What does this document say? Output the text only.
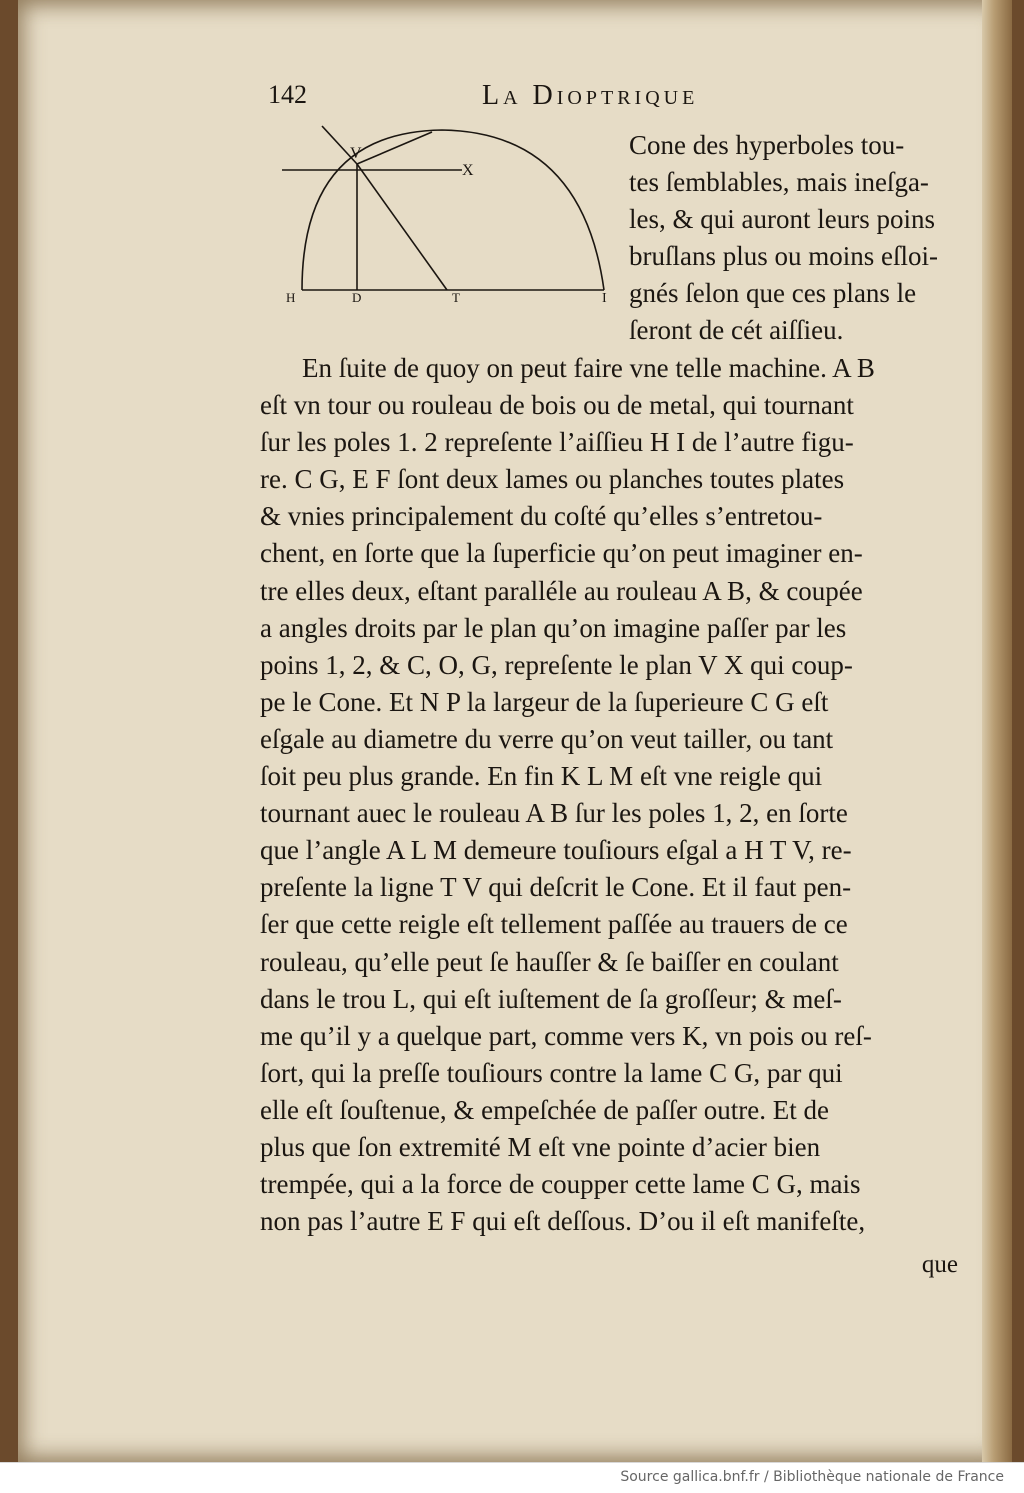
142	La Dioptrique
V
X
H	D	T	I
Cone des hyperboles tou-
tes ſemblables, mais ineſga-
les, & qui auront leurs poins
bruſlans plus ou moins eſloi-
gnés ſelon que ces plans le
ſeront de cét aiſſieu.
En ſuite de quoy on peut faire vne telle machine. A B
eſt vn tour ou rouleau de bois ou de metal, qui tournant
ſur les poles 1. 2 repreſente l’aiſſieu H I de l’autre figu-
re. C G, E F ſont deux lames ou planches toutes plates
& vnies principalement du coſté qu’elles s’entretou-
chent, en ſorte que la ſuperficie qu’on peut imaginer en-
tre elles deux, eſtant paralléle au rouleau A B, & coupée
a angles droits par le plan qu’on imagine paſſer par les
poins 1, 2, & C, O, G, repreſente le plan V X qui coup-
pe le Cone. Et N P la largeur de la ſuperieure C G eſt
eſgale au diametre du verre qu’on veut tailler, ou tant
ſoit peu plus grande. En fin K L M eſt vne reigle qui
tournant auec le rouleau A B ſur les poles 1, 2, en ſorte
que l’angle A L M demeure touſiours eſgal a H T V, re-
preſente la ligne T V qui deſcrit le Cone. Et il faut pen-
ſer que cette reigle eſt tellement paſſée au trauers de ce
rouleau, qu’elle peut ſe hauſſer & ſe baiſſer en coulant
dans le trou L, qui eſt iuſtement de ſa groſſeur; & meſ-
me qu’il y a quelque part, comme vers K, vn pois ou reſ-
ſort, qui la preſſe touſiours contre la lame C G, par qui
elle eſt ſouſtenue, & empeſchée de paſſer outre. Et de
plus que ſon extremité M eſt vne pointe d’acier bien
trempée, qui a la force de coupper cette lame C G, mais
non pas l’autre E F qui eſt deſſous. D’ou il eſt manifeſte,
que
Source gallica.bnf.fr / Bibliothèque nationale de France
